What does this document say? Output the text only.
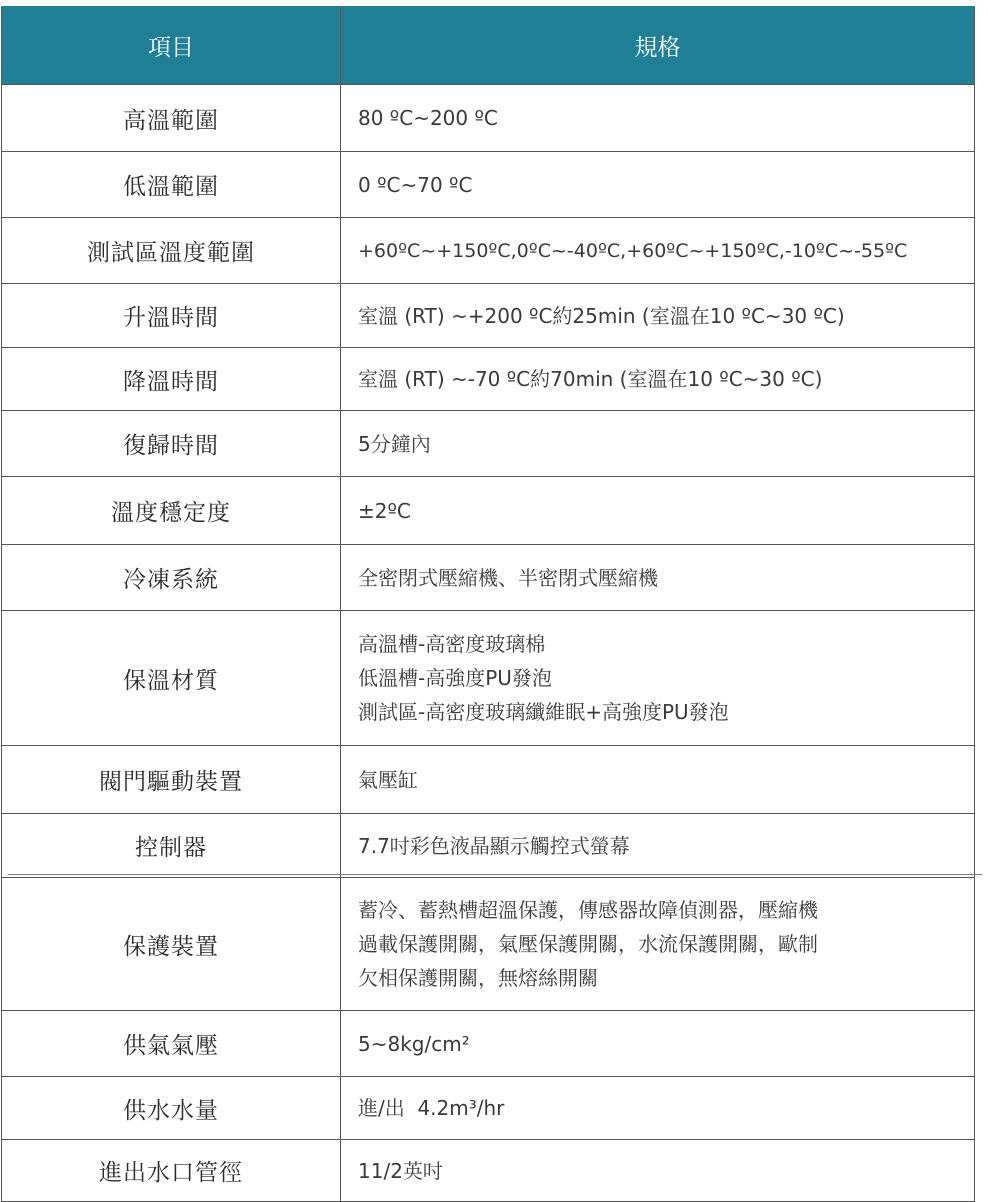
項目	規格
高溫範圍	80 ºC~200 ºC

低溫範圍	0 ºC~70 ºC

測試區溫度範圍	+60ºC~+150ºC,0ºC~-40ºC,+60ºC~+150ºC,-10ºC~-55ºC

升溫時間	室溫 (RT) ~+200 ºC約25min (室溫在10 ºC~30 ºC)

降溫時間	室溫 (RT) ~-70 ºC約70min (室溫在10 ºC~30 ºC)

復歸時間	5分鐘內

溫度穩定度	±2ºC

冷凍系統	全密閉式壓縮機、半密閉式壓縮機

保溫材質	高溫槽-高密度玻璃棉
低溫槽-高強度PU發泡
測試區-高密度玻璃纖維眠+高強度PU發泡

閥門驅動裝置	氣壓缸

控制器	7.7吋彩色液晶顯示觸控式螢幕

保護裝置	蓄冷、蓄熱槽超溫保護，傳感器故障偵測器，壓縮機
過載保護開關，氣壓保護開關，水流保護開關，歐制
欠相保護開關，無熔絲開關

供氣氣壓	5~8kg/cm²

供水水量	進/出  4.2m³/hr

進出水口管徑	11/2英吋
